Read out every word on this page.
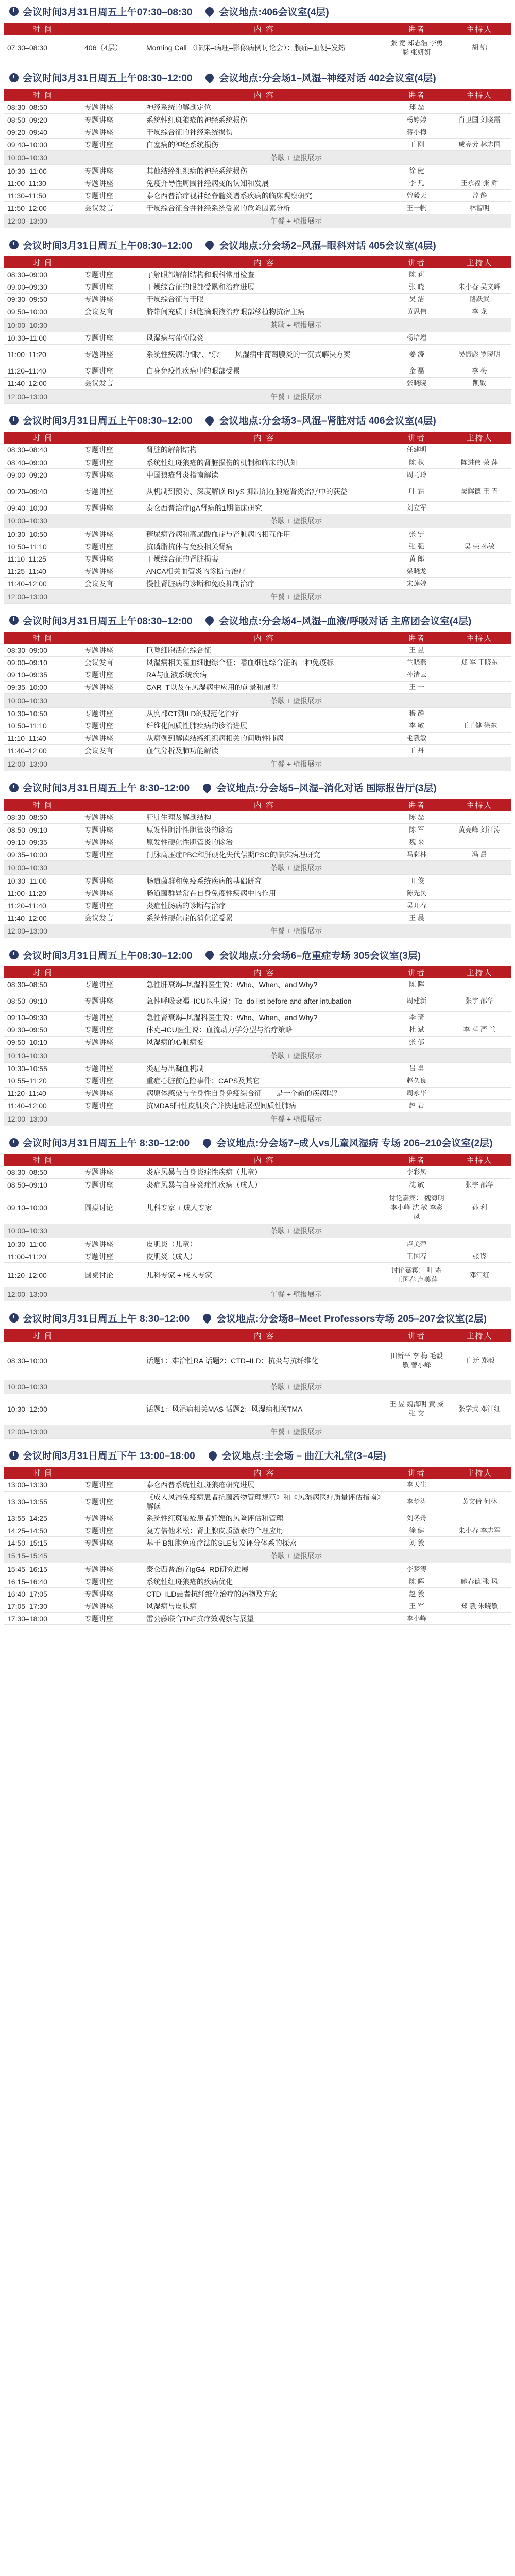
会议时间3月31日周五上午07:30–08:30	会议地点:406会议室(4层)
时 间		内 容	讲者	主持人
07:30–08:30	406（4层）	Morning Call （临床–病理–影像病例讨论会）：腹痛–血便–发热	张 宽 郑志浩 李勇彩 张妍妍	胡 锦
会议时间3月31日周五上午08:30–12:00	会议地点:分会场1–风湿–神经对话 402会议室(4层)
时 间		内 容	讲者	主持人
08:30–08:50	专题讲座	神经系统的解剖定位	郑 磊	
08:50–09:20	专题讲座	系统性红斑狼疮的神经系统损伤	杨婷婷	肖卫国 刘晓霞
09:20–09:40	专题讲座	干燥综合征的神经系统损伤	蒋小梅	
09:40–10:00	专题讲座	白塞病的神经系统损伤	王 刚	咸亮芳 林志国
10:00–10:30	茶歇 + 壁报展示			
10:30–11:00	专题讲座	其他结缔组织病的神经系统损伤	徐 健	
11:00–11:30	专题讲座	免疫介导性周围神经病变的认知和发展	李 凡	王永福 张 辉
11:30–11:50	专题讲座	泰仑西普治疗视神经脊髓炎谱系疾病的临床观察研究	曾毅天	曾 静
11:50–12:00	会议发言	干燥综合征合并神经系统受累的危险因素分析	王一帆	林智明
12:00–13:00	午餐 + 壁报展示			
会议时间3月31日周五上午08:30–12:00	会议地点:分会场2–风湿–眼科对话 405会议室(4层)
时 间		内 容	讲者	主持人
08:30–09:00	专题讲座	了解眼部解剖结构和眼科常用检查	陈 莉	
09:00–09:30	专题讲座	干燥综合征的眼部受累和治疗进展	张 晓	朱小春 吴文辉
09:30–09:50	专题讲座	干燥综合征与干眼	吴 洁	路跃武
09:50–10:00	会议发言	脐带间充质干细胞滴眼液治疗眼部移植物抗宿主病	黄思伟	李 龙
10:00–10:30	茶歇 + 壁报展示			
10:30–11:00	专题讲座	风湿病与葡萄膜炎	杨培增	
11:00–11:20	专题讲座	系统性疾病的“眼”、“乐”——风湿病中葡萄膜炎的一沉式解决方案	姜 涛	吴振彪 罗晓明
11:20–11:40	专题讲座	白身免疫性疾病中的眼部受累	金 磊	李 梅
11:40–12:00	会议发言		张晓晓	凯敏
12:00–13:00	午餐 + 壁报展示			
会议时间3月31日周五上午08:30–12:00	会议地点:分会场3–风湿–肾脏对话 406会议室(4层)
时 间		内 容	讲者	主持人
08:30–08:40	专题讲座	肾脏的解剖结构	任建明	
08:40–09:00	专题讲座	系统性红斑狼疮的肾脏损伤的机制和临床的认知	陈 秋	陈进伟 荣 萍
09:00–09:20	专题讲座	中国狼疮肾炎指南解读	周巧玲	
09:20–09:40	专题讲座	从机制到预防、深度解读 BLyS 抑制剂在狼疮肾炎治疗中的获益	叶 霜	吴辉德 王 青
09:40–10:00	专题讲座	泰仑西普治疗IgA肾病的1期临床研究	刘立军	
10:00–10:30	茶歇 + 壁报展示			
10:30–10:50	专题讲座	糖尿病肾病和高尿酸血症与肾脏病的相互作用	张 宁	
10:50–11:10	专题讲座	抗磷脂抗体与免疫相关肾病	张 强	吴 荣 孙敏
11:10–11:25	专题讲座	干燥综合征的肾脏损害	黄 郎	
11:25–11:40	专题讲座	ANCA相关血管炎的诊断与治疗	梁晓龙	
11:40–12:00	会议发言	慢性肾脏病的诊断和免疫抑制治疗	宋莲婷	
12:00–13:00	午餐 + 壁报展示			
会议时间3月31日周五上午08:30–12:00	会议地点:分会场4–风湿–血液/呼吸对话 主席团会议室(4层)
时 间		内 容	讲者	主持人
08:30–09:00	专题讲座	巨噬细胞活化综合征	王 昱	
09:00–09:10	会议发言	风湿病相关噬血细胞综合征：嗜血细胞综合征的一种免疫标	兰晓燕	郑 军 王晓东
09:10–09:35	专题讲座	RA与血液系统疾病	孙清云	
09:35–10:00	专题讲座	CAR–T以及在风湿病中应用的前景和展望	王 一	
10:00–10:30	茶歇 + 壁报展示			
10:30–10:50	专题讲座	从胸部CT到ILD的规范化治疗	穆 静	
10:50–11:10	专题讲座	纤维化间质性肺疾病的诊治进展	李 敏	王子健 徐东
11:10–11:40	专题讲座	从病例到解读结缔组织病相关的间质性肺病	毛毅敏	
11:40–12:00	会议发言	血气分析及肺功能解读	王 丹	
12:00–13:00	午餐 + 壁报展示			
会议时间3月31日周五上午 8:30–12:00	会议地点:分会场5–风湿–消化对话 国际报告厅(3层)
时 间		内 容	讲者	主持人
08:30–08:50	专题讲座	肝脏生理及解剖结构	陈 磊	
08:50–09:10	专题讲座	原发性胆汁性胆管炎的诊治	陈 军	黄亮峰 刘江涛
09:10–09:35	专题讲座	原发性硬化性胆管炎的诊治	魏 来	
09:35–10:00	专题讲座	门脉高压症PBC和肝硬化失代偿期PSC的临床病理研究	马彩林	冯 晨
10:00–10:30	茶歇 + 壁报展示			
10:30–11:00	专题讲座	肠道菌群和免疫系统疾病的基础研究	田 俊	
11:00–11:20	专题讲座	肠道菌群异常在自身免疫性疾病中的作用	陈先民	
11:20–11:40	专题讲座	炎症性肠病的诊断与治疗	吴开春	
11:40–12:00	会议发言	系统性硬化症的消化道受累	王 晨	
12:00–13:00	午餐 + 壁报展示			
会议时间3月31日周五上午08:30–12:00	会议地点:分会场6–危重症专场 305会议室(3层)
时 间		内 容	讲者	主持人
08:30–08:50	专题讲座	急性肝衰竭–风湿科医生说：Who、When、and Why?	陈 晖	
08:50–09:10	专题讲座	急性呼吸衰竭–ICU医生说：To–do list before and after intubation	周建新	张宇 邵华
09:10–09:30	专题讲座	急性肾衰竭–风湿科医生说：Who、When、and Why?	李 琦	
09:30–09:50	专题讲座	体克–ICU医生说：血流动力学分型与治疗策略	杜 斌	李 萍 严 兰
09:50–10:10	专题讲座	风湿病的心脏病变	张 郁	
10:10–10:30	茶歇 + 壁报展示			
10:30–10:55	专题讲座	炎症与出凝血机制	吕 勇	
10:55–11:20	专题讲座	重症心脏前危险事件：CAPS及其它	赵久良	
11:20–11:40	专题讲座	病原体感染与全身性自身免疫综合征——是一个新的疾病吗？	周永华	
11:40–12:00	专题讲座	抗MDA5阳性皮肌炎合并快速进展型间质性肺病	赵 岩	
12:00–13:00	午餐 + 壁报展示			
会议时间3月31日周五上午 8:30–12:00	会议地点:分会场7–成人vs儿童风湿病 专场 206–210会议室(2层)
时 间		内 容	讲者	主持人
08:30–08:50	专题讲座	炎症风暴与自身炎症性疾病（儿童）	李彩凤	
08:50–09:10	专题讲座	炎症风暴与自身炎症性疾病（成人）	沈 敏	张宇 邵华
09:10–10:00	圆桌讨论	儿科专家 + 成人专家	讨论嘉宾： 魏海明 李小峰 沈 敏 李彩凤	孙 利
10:00–10:30	茶歇 + 壁报展示			
10:30–11:00	专题讲座	皮肌炎（儿童）	卢美萍	
11:00–11:20	专题讲座	皮肌炎（成人）	王国春	张晓
11:20–12:00	圆桌讨论	儿科专家 + 成人专家	讨论嘉宾： 叶 霜 王国春 卢美萍	邓江红
12:00–13:00	午餐 + 壁报展示			
会议时间3月31日周五上午 8:30–12:00	会议地点:分会场8–Meet Professors专场 205–207会议室(2层)
时 间		内 容	讲者	主持人
08:30–10:00		话题1：难治性RA 话题2：CTD–ILD：抗炎与抗纤维化	田新平 李 梅 毛毅敏 曾小峰	王 迁 郑毅
10:00–10:30	茶歇 + 壁报展示			
10:30–12:00		话题1：风湿病相关MAS 话题2：风湿病相关TMA	王 昱 魏海明 黄 威 张 文	张学武 邓江红
12:00–13:00	午餐 + 壁报展示			
会议时间3月31日周五下午 13:00–18:00	会议地点:主会场 – 曲江大礼堂(3–4层)
时 间		内 容	讲者	主持人
13:00–13:30	专题讲座	泰仑西普系统性红斑狼疮研究进展	李天生	
13:30–13:55	专题讲座	《成人风湿免疫病患者抗菌药物管理规范》和《风湿病医疗质量评估指南》解读	李梦涛	黄文倩 何林
13:55–14:25	专题讲座	系统性红斑狼疮患者妊娠的风险评估和管理	刘冬舟	
14:25–14:50	专题讲座	复方倍他米松：肾上腺皮质激素的合理应用	徐 健	朱小春 李志军
14:50–15:15	专题讲座	基于 B细胞免疫疗法的SLE复发评分体系的探索	刘 毅	
15:15–15:45	茶歇 + 壁报展示			
15:45–16:15	专题讲座	泰仑西普治疗IgG4–RD研究进展	李梦涛	
16:15–16:40	专题讲座	系统性红斑狼疮的疾病优化	陈 晖	鲍春德 张 风
16:40–17:05	专题讲座	CTD–ILD患者抗纤维化治疗的药物及方案	赵 毅	
17:05–17:30	专题讲座	风湿病与皮肤病	王 军	郑 毅 朱晓敏
17:30–18:00	专题讲座	雷公藤联合TNF抗疗效观察与展望	李小峰	
